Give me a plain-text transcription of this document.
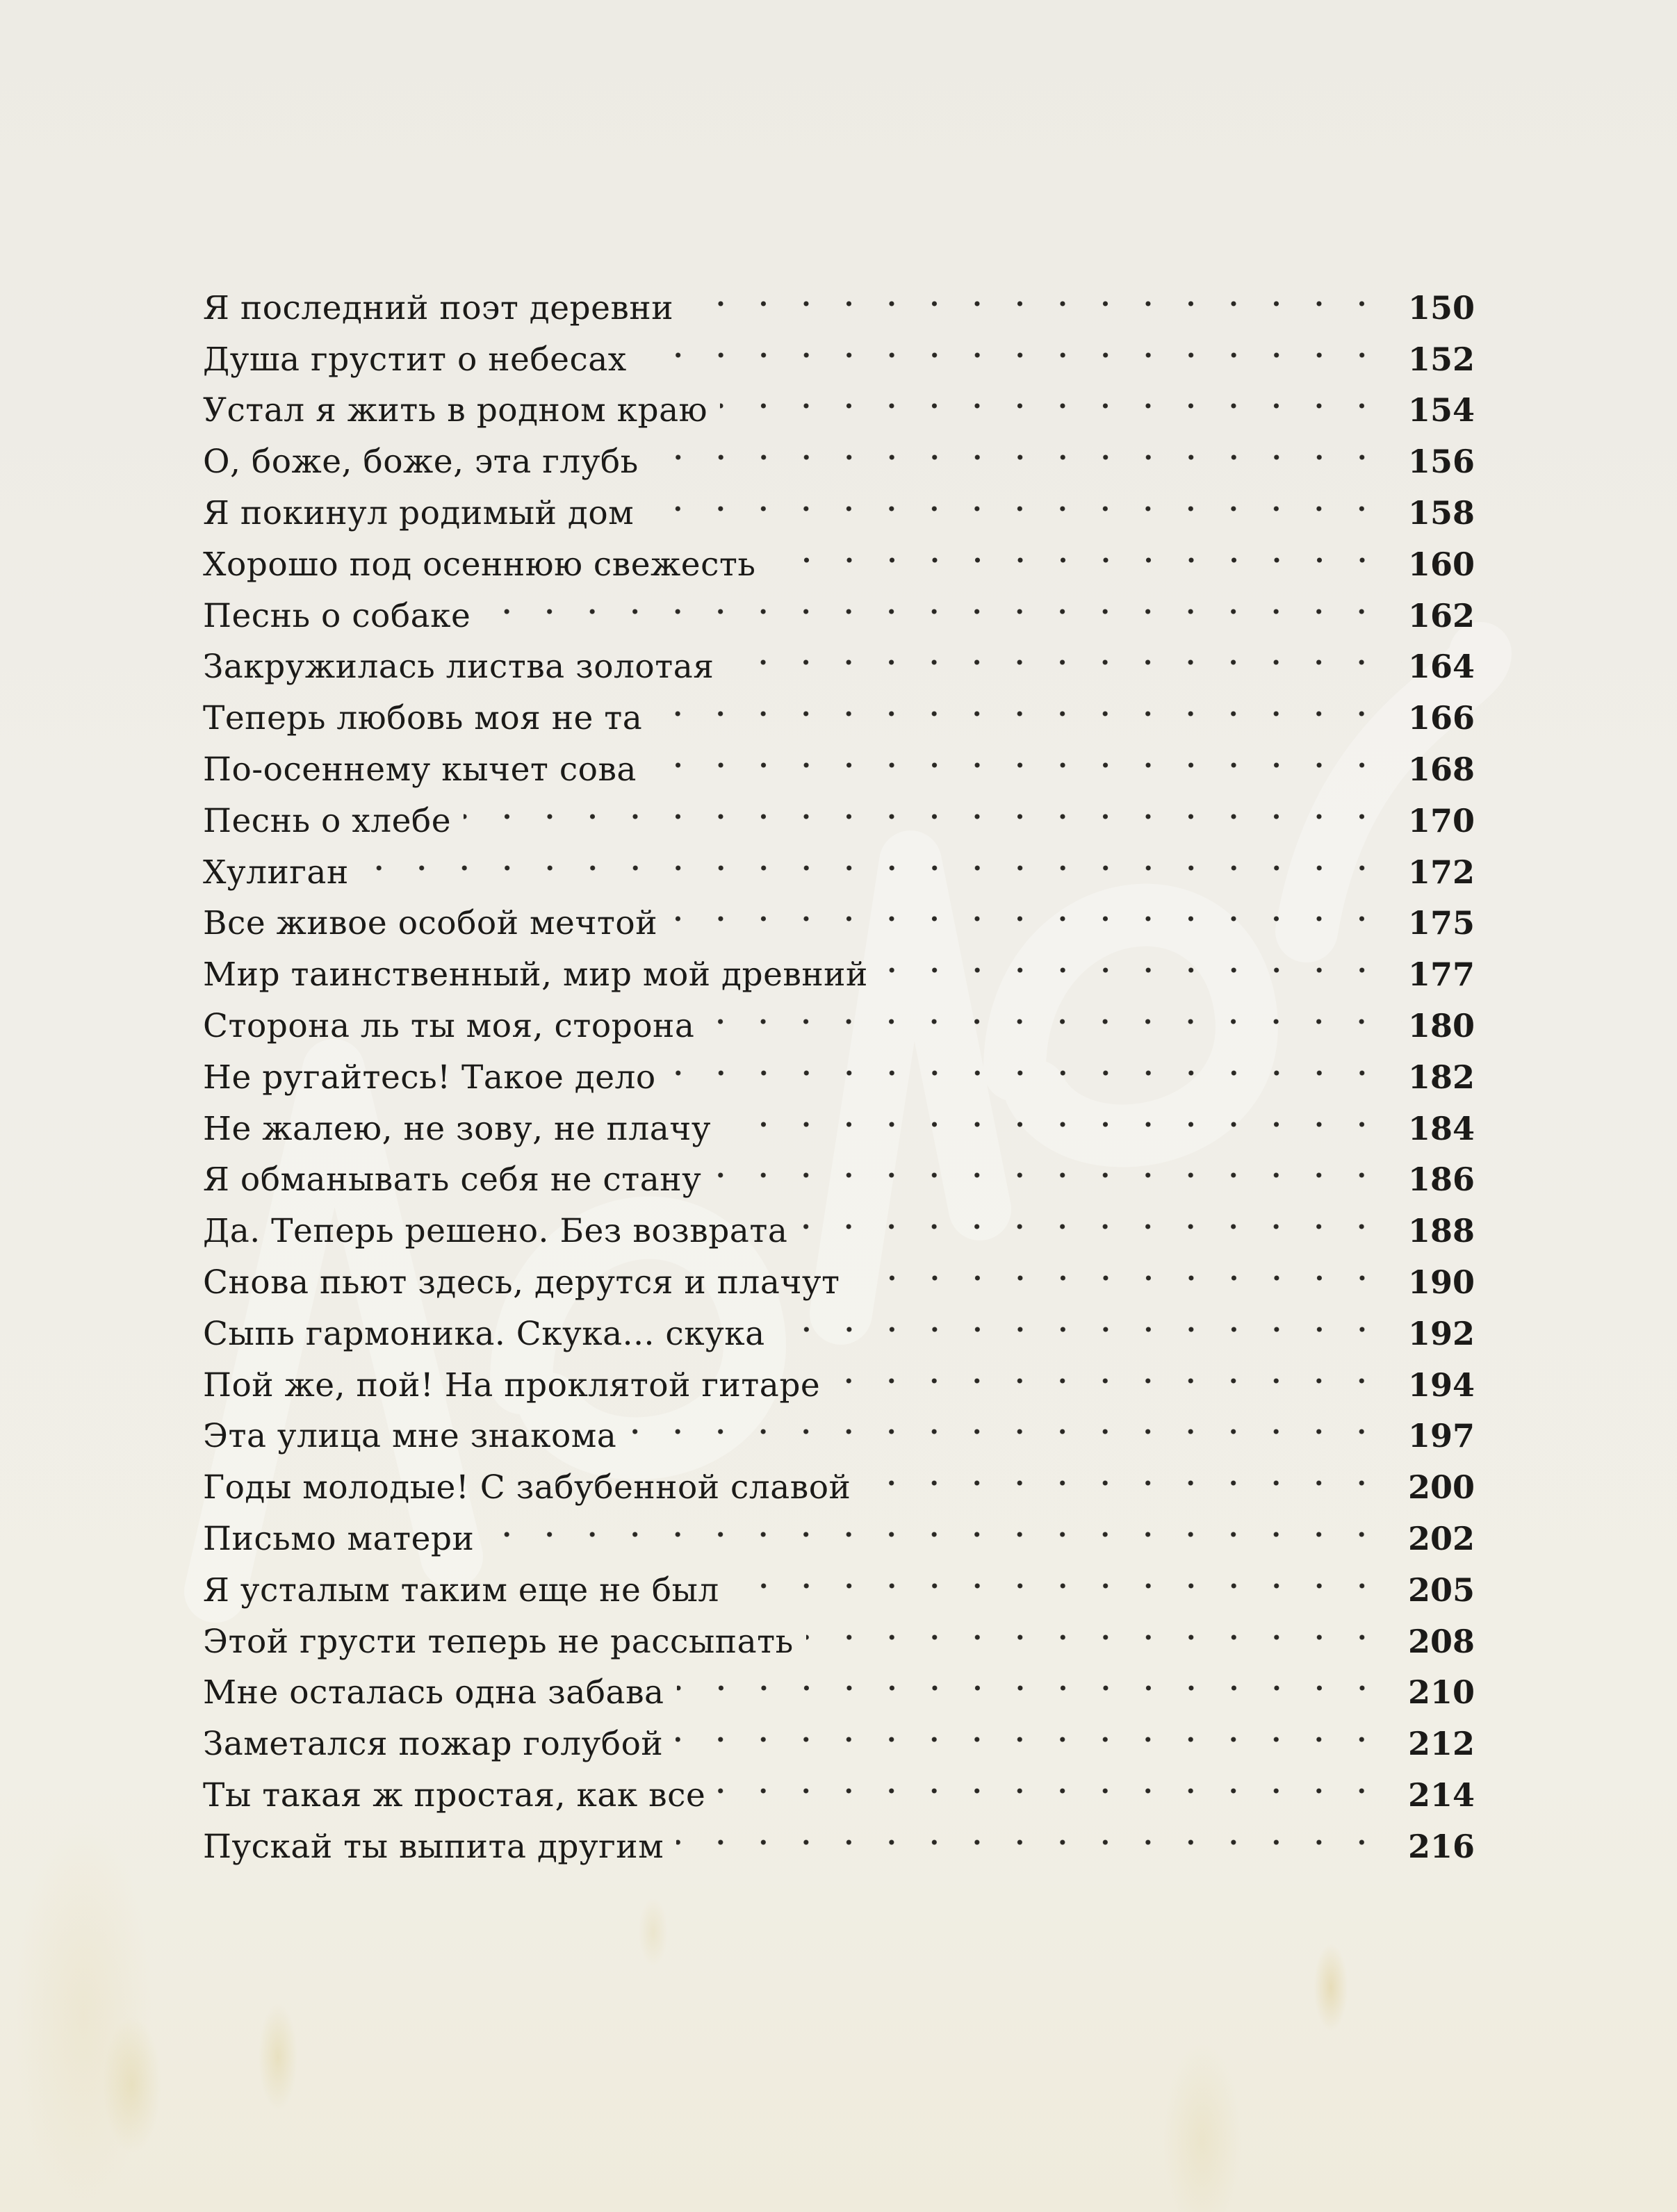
Я последний поэт деревни	150
Душа грустит о небесах	152
Устал я жить в родном краю	154
О, боже, боже, эта глубь	156
Я покинул родимый дом	158
Хорошо под осеннюю свежесть	160
Песнь о собаке	162
Закружилась листва золотая	164
Теперь любовь моя не та	166
По-осеннему кычет сова	168
Песнь о хлебе	170
Хулиган	172
Все живое особой мечтой	175
Мир таинственный, мир мой древний	177
Сторона ль ты моя, сторона	180
Не ругайтесь! Такое дело	182
Не жалею, не зову, не плачу	184
Я обманывать себя не стану	186
Да. Теперь решено. Без возврата	188
Снова пьют здесь, дерутся и плачут	190
Сыпь гармоника. Скука... скука	192
Пой же, пой! На проклятой гитаре	194
Эта улица мне знакома	197
Годы молодые! С забубенной славой	200
Письмо матери	202
Я усталым таким еще не был	205
Этой грусти теперь не рассыпать	208
Мне осталась одна забава	210
Заметался пожар голубой	212
Ты такая ж простая, как все	214
Пускай ты выпита другим	216
